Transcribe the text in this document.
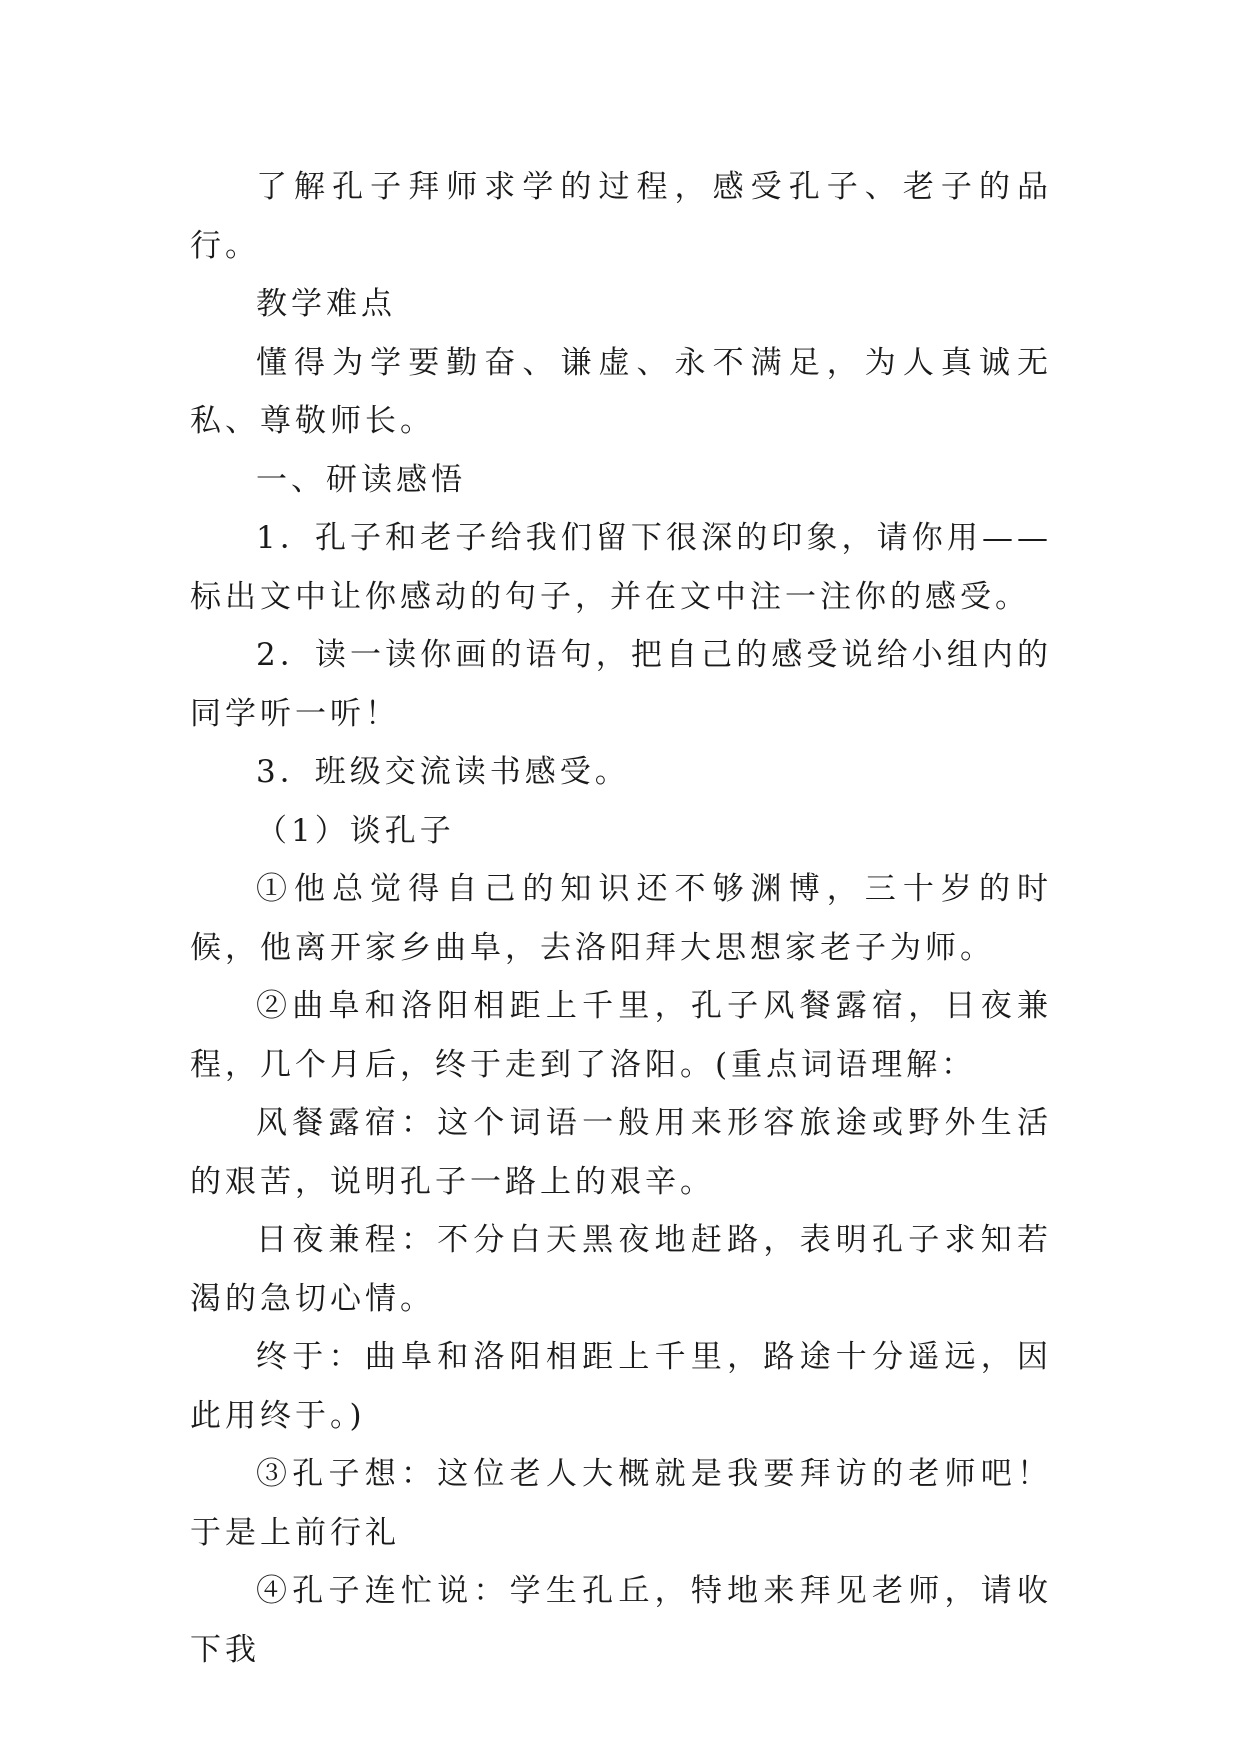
了解孔子拜师求学的过程，感受孔子、老子的品行。

教学难点

懂得为学要勤奋、谦虚、永不满足，为人真诚无私、尊敬师长。

一、研读感悟

1．孔子和老子给我们留下很深的印象，请你用——标出文中让你感动的句子，并在文中注一注你的感受。

2．读一读你画的语句，把自己的感受说给小组内的同学听一听！

3．班级交流读书感受。

（1）谈孔子

①他总觉得自己的知识还不够渊博，三十岁的时候，他离开家乡曲阜，去洛阳拜大思想家老子为师。

②曲阜和洛阳相距上千里，孔子风餐露宿，日夜兼程，几个月后，终于走到了洛阳。(重点词语理解：

风餐露宿：这个词语一般用来形容旅途或野外生活的艰苦，说明孔子一路上的艰辛。

日夜兼程：不分白天黑夜地赶路，表明孔子求知若渴的急切心情。

终于：曲阜和洛阳相距上千里，路途十分遥远，因此用终于。)

③孔子想：这位老人大概就是我要拜访的老师吧！于是上前行礼

④孔子连忙说：学生孔丘，特地来拜见老师，请收下我
